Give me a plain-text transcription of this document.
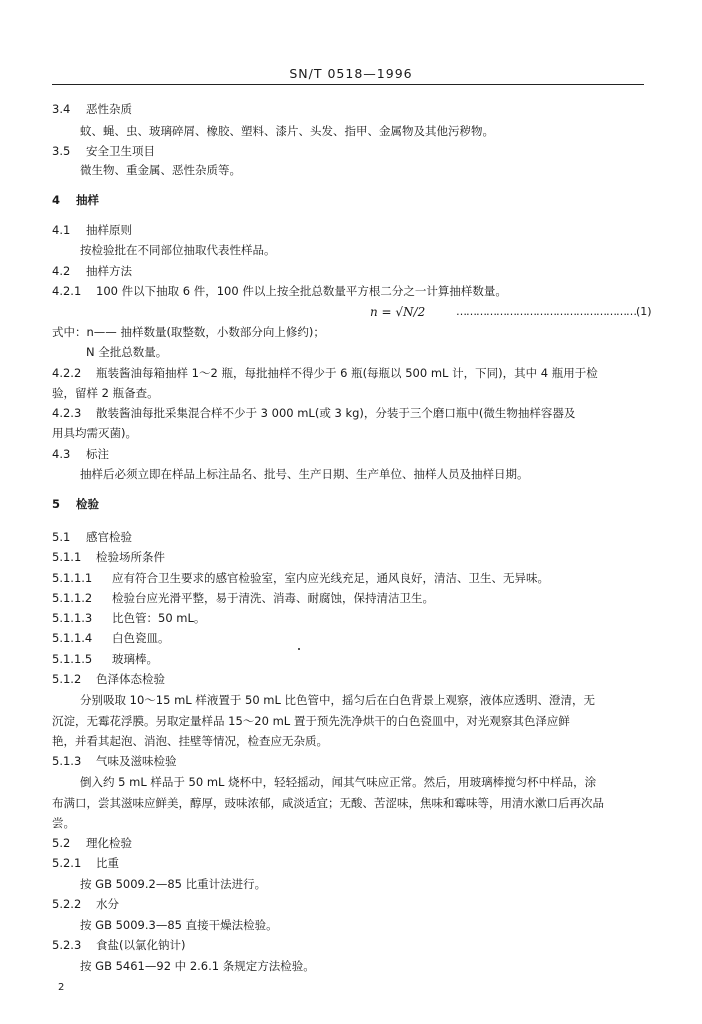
SN/T 0518—1996
3.4 恶性杂质
蚊、蝇、虫、玻璃碎屑、橡胶、塑料、漆片、头发、指甲、金属物及其他污秽物。
3.5 安全卫生项目
微生物、重金属、恶性杂质等。
4 抽样
4.1 抽样原则
按检验批在不同部位抽取代表性样品。
4.2 抽样方法
4.2.1 100 件以下抽取 6 件，100 件以上按全批总数量平方根二分之一计算抽样数量。
n = √N/2	………………………………………………(1)
式中：n—— 抽样数量(取整数，小数部分向上修约)；
N 全批总数量。
4.2.2 瓶装酱油每箱抽样 1～2 瓶，每批抽样不得少于 6 瓶(每瓶以 500 mL 计，下同)，其中 4 瓶用于检
验，留样 2 瓶备查。
4.2.3 散装酱油每批采集混合样不少于 3 000 mL(或 3 kg)，分装于三个磨口瓶中(微生物抽样容器及
用具均需灭菌)。
4.3 标注
抽样后必须立即在样品上标注品名、批号、生产日期、生产单位、抽样人员及抽样日期。
5 检验
5.1 感官检验
5.1.1 检验场所条件
5.1.1.1 应有符合卫生要求的感官检验室，室内应光线充足，通风良好，清洁、卫生、无异味。
5.1.1.2 检验台应光滑平整，易于清洗、消毒、耐腐蚀，保持清洁卫生。
5.1.1.3 比色管：50 mL。
5.1.1.4 白色瓷皿。
5.1.1.5 玻璃棒。
5.1.2 色泽体态检验
分别吸取 10～15 mL 样液置于 50 mL 比色管中，摇匀后在白色背景上观察，液体应透明、澄清，无
沉淀，无霉花浮膜。另取定量样品 15～20 mL 置于预先洗净烘干的白色瓷皿中，对光观察其色泽应鲜
艳，并看其起泡、消泡、挂壁等情况，检查应无杂质。
5.1.3 气味及滋味检验
倒入约 5 mL 样品于 50 mL 烧杯中，轻轻摇动，闻其气味应正常。然后，用玻璃棒搅匀杯中样品，涂
布满口，尝其滋味应鲜美，醇厚，豉味浓郁，咸淡适宜；无酸、苦涩味，焦味和霉味等，用清水漱口后再次品
尝。
5.2 理化检验
5.2.1 比重
按 GB 5009.2—85 比重计法进行。
5.2.2 水分
按 GB 5009.3—85 直接干燥法检验。
5.2.3 食盐(以氯化钠计)
按 GB 5461—92 中 2.6.1 条规定方法检验。
2
